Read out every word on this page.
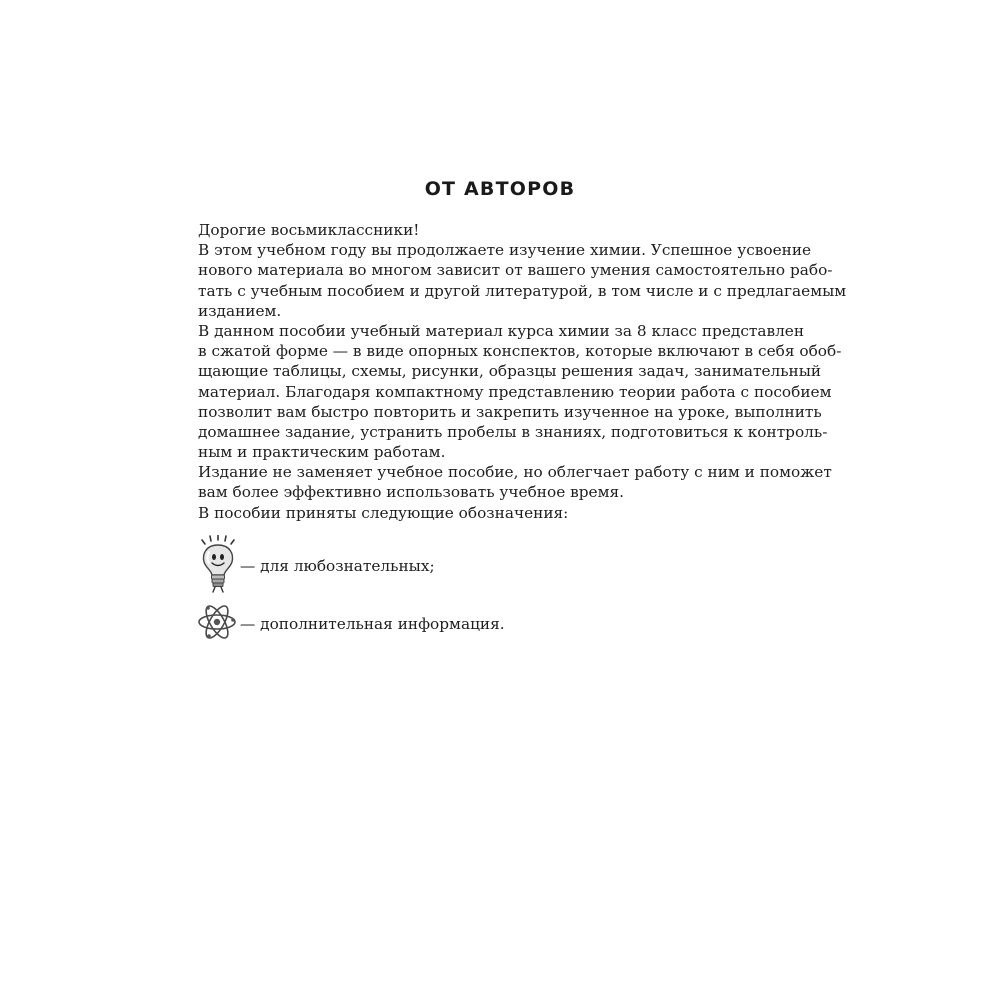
ОТ АВТОРОВ
Дорогие восьмиклассники!
В этом учебном году вы продолжаете изучение химии. Успешное усвоение
нового материала во многом зависит от вашего умения самостоятельно рабо-
тать с учебным пособием и другой литературой, в том числе и с предлагаемым
изданием.
В данном пособии учебный материал курса химии за 8 класс представлен
в сжатой форме — в виде опорных конспектов, которые включают в себя обоб-
щающие таблицы, схемы, рисунки, образцы решения задач, занимательный
материал. Благодаря компактному представлению теории работа с пособием
позволит вам быстро повторить и закрепить изученное на уроке, выполнить
домашнее задание, устранить пробелы в знаниях, подготовиться к контроль-
ным и практическим работам.
Издание не заменяет учебное пособие, но облегчает работу с ним и поможет
вам более эффективно использовать учебное время.
В пособии приняты следующие обозначения:
— для любознательных;
— дополнительная информация.
